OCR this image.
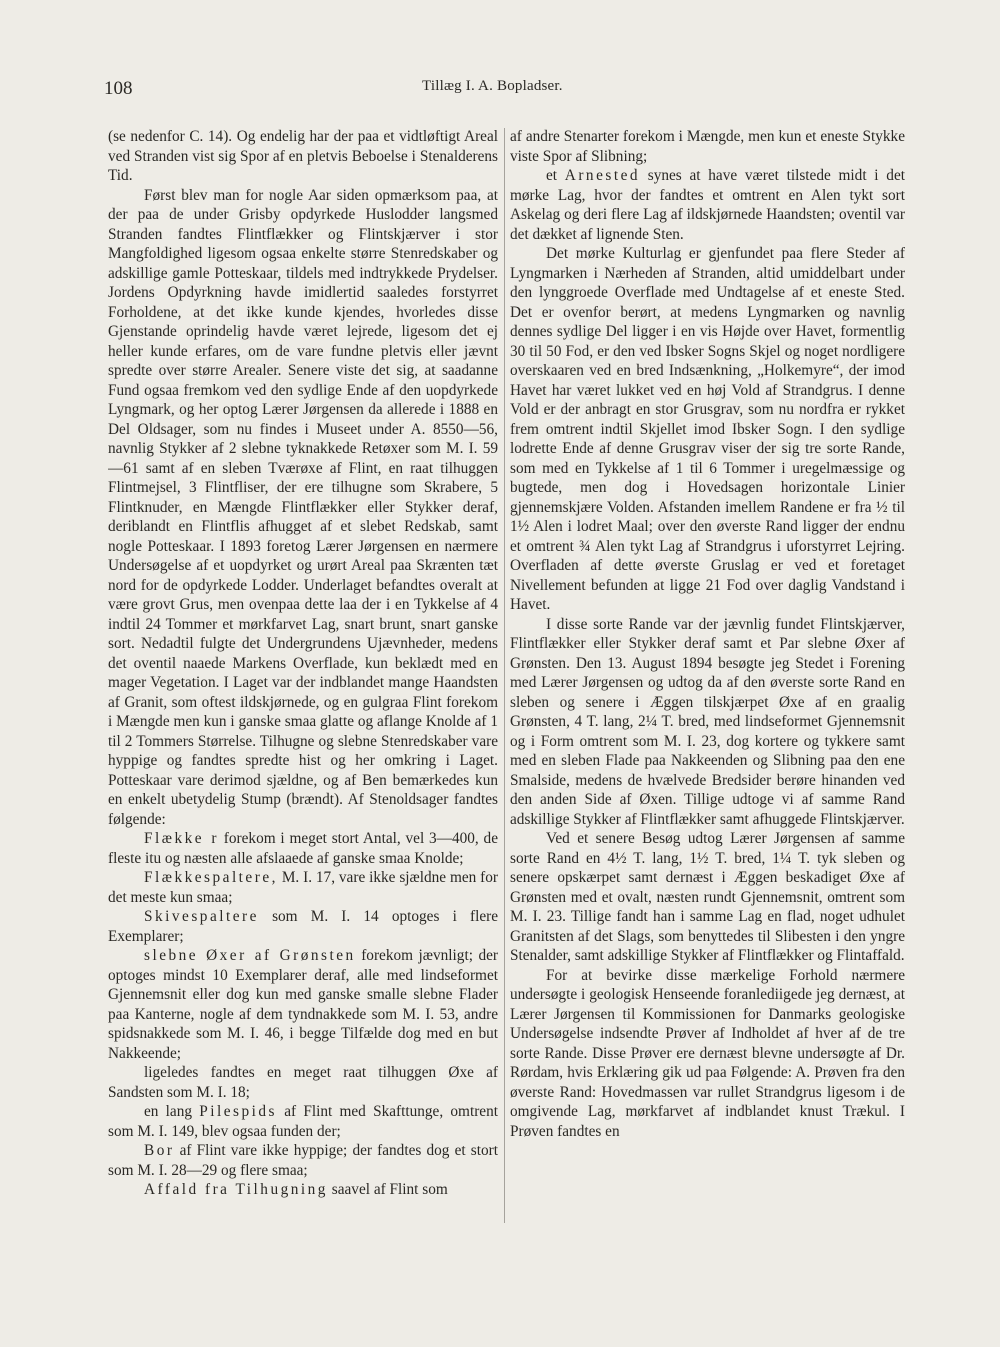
108	Tillæg I. A. Bopladser.

(se nedenfor C. 14). Og endelig har der paa et vidtløftigt Areal ved Stranden vist sig Spor af en pletvis Beboelse i Stenalderens Tid.

Først blev man for nogle Aar siden opmærksom paa, at der paa de under Grisby opdyrkede Huslodder langsmed Stranden fandtes Flintflækker og Flintskjærver i stor Mangfoldighed ligesom ogsaa enkelte større Stenredskaber og adskillige gamle Potteskaar, tildels med indtrykkede Prydelser. Jordens Opdyrkning havde imidlertid saaledes forstyrret Forholdene, at det ikke kunde kjendes, hvorledes disse Gjenstande oprindelig havde været lejrede, ligesom det ej heller kunde erfares, om de vare fundne pletvis eller jævnt spredte over større Arealer. Senere viste det sig, at saadanne Fund ogsaa fremkom ved den sydlige Ende af den uopdyrkede Lyngmark, og her optog Lærer Jørgensen da allerede i 1888 en Del Oldsager, som nu findes i Museet under A. 8550—56, navnlig Stykker af 2 slebne tyknakkede Retøxer som M. I. 59—61 samt af en sleben Tværøxe af Flint, en raat tilhuggen Flintmejsel, 3 Flintfliser, der ere tilhugne som Skrabere, 5 Flintknuder, en Mængde Flintflækker eller Stykker deraf, deriblandt en Flintflis afhugget af et slebet Redskab, samt nogle Potteskaar. I 1893 foretog Lærer Jørgensen en nærmere Undersøgelse af et uopdyrket og urørt Areal paa Skrænten tæt nord for de opdyrkede Lodder. Underlaget befandtes overalt at være grovt Grus, men ovenpaa dette laa der i en Tykkelse af 4 indtil 24 Tommer et mørkfarvet Lag, snart brunt, snart ganske sort. Nedadtil fulgte det Undergrundens Ujævnheder, medens det oventil naaede Markens Overflade, kun beklædt med en mager Vegetation. I Laget var der indblandet mange Haandsten af Granit, som oftest ildskjørnede, og en gulgraa Flint forekom i Mængde men kun i ganske smaa glatte og aflange Knolde af 1 til 2 Tommers Størrelse. Tilhugne og slebne Stenredskaber vare hyppige og fandtes spredte hist og her omkring i Laget. Potteskaar vare derimod sjældne, og af Ben bemærkedes kun en enkelt ubetydelig Stump (brændt). Af Stenoldsager fandtes følgende:

Flække r forekom i meget stort Antal, vel 3—400, de fleste itu og næsten alle afslaaede af ganske smaa Knolde;

Flækkespaltere, M. I. 17, vare ikke sjældne men for det meste kun smaa;

Skivespaltere som M. I. 14 optoges i flere Exemplarer;

slebne Øxer af Grønsten forekom jævnligt; der optoges mindst 10 Exemplarer deraf, alle med lindseformet Gjennemsnit eller dog kun med ganske smalle slebne Flader paa Kanterne, nogle af dem tyndnakkede som M. I. 53, andre spidsnakkede som M. I. 46, i begge Tilfælde dog med en but Nakkeende;

ligeledes fandtes en meget raat tilhuggen Øxe af Sandsten som M. I. 18;

en lang Pilespids af Flint med Skafttunge, omtrent som M. I. 149, blev ogsaa funden der;

Bor af Flint vare ikke hyppige; der fandtes dog et stort som M. I. 28—29 og flere smaa;

Affald fra Tilhugning saavel af Flint som

af andre Stenarter forekom i Mængde, men kun et eneste Stykke viste Spor af Slibning;

et Arnested synes at have været tilstede midt i det mørke Lag, hvor der fandtes et omtrent en Alen tykt sort Askelag og deri flere Lag af ildskjørnede Haandsten; oventil var det dækket af lignende Sten.

Det mørke Kulturlag er gjenfundet paa flere Steder af Lyngmarken i Nærheden af Stranden, altid umiddelbart under den lynggroede Overflade med Undtagelse af et eneste Sted. Det er ovenfor berørt, at medens Lyngmarken og navnlig dennes sydlige Del ligger i en vis Højde over Havet, formentlig 30 til 50 Fod, er den ved Ibsker Sogns Skjel og noget nordligere overskaaren ved en bred Indsænkning, „Holkemyre“, der imod Havet har været lukket ved en høj Vold af Strandgrus. I denne Vold er der anbragt en stor Grusgrav, som nu nordfra er rykket frem omtrent indtil Skjellet imod Ibsker Sogn. I den sydlige lodrette Ende af denne Grusgrav viser der sig tre sorte Rande, som med en Tykkelse af 1 til 6 Tommer i uregelmæssige og bugtede, men dog i Hovedsagen horizontale Linier gjennemskjære Volden. Afstanden imellem Randene er fra ½ til 1½ Alen i lodret Maal; over den øverste Rand ligger der endnu et omtrent ¾ Alen tykt Lag af Strandgrus i uforstyrret Lejring. Overfladen af dette øverste Gruslag er ved et foretaget Nivellement befunden at ligge 21 Fod over daglig Vandstand i Havet.

I disse sorte Rande var der jævnlig fundet Flintskjærver, Flintflækker eller Stykker deraf samt et Par slebne Øxer af Grønsten. Den 13. August 1894 besøgte jeg Stedet i Forening med Lærer Jørgensen og udtog da af den øverste sorte Rand en sleben og senere i Æggen tilskjærpet Øxe af en graalig Grønsten, 4 T. lang, 2¼ T. bred, med lindseformet Gjennemsnit og i Form omtrent som M. I. 23, dog kortere og tykkere samt med en sleben Flade paa Nakkeenden og Slibning paa den ene Smalside, medens de hvælvede Bredsider berøre hinanden ved den anden Side af Øxen. Tillige udtoge vi af samme Rand adskillige Stykker af Flintflækker samt afhuggede Flintskjærver.

Ved et senere Besøg udtog Lærer Jørgensen af samme sorte Rand en 4½ T. lang, 1½ T. bred, 1¼ T. tyk sleben og senere opskærpet samt dernæst i Æggen beskadiget Øxe af Grønsten med et ovalt, næsten rundt Gjennemsnit, omtrent som M. I. 23. Tillige fandt han i samme Lag en flad, noget udhulet Granitsten af det Slags, som benyttedes til Slibesten i den yngre Stenalder, samt adskillige Stykker af Flintflækker og Flintaffald.

For at bevirke disse mærkelige Forhold nærmere undersøgte i geologisk Henseende foranlediigede jeg dernæst, at Lærer Jørgensen til Kommissionen for Danmarks geologiske Undersøgelse indsendte Prøver af Indholdet af hver af de tre sorte Rande. Disse Prøver ere dernæst blevne undersøgte af Dr. Rørdam, hvis Erklæring gik ud paa Følgende: A. Prøven fra den øverste Rand: Hovedmassen var rullet Strandgrus ligesom i de omgivende Lag, mørkfarvet af indblandet knust Trækul. I Prøven fandtes en
